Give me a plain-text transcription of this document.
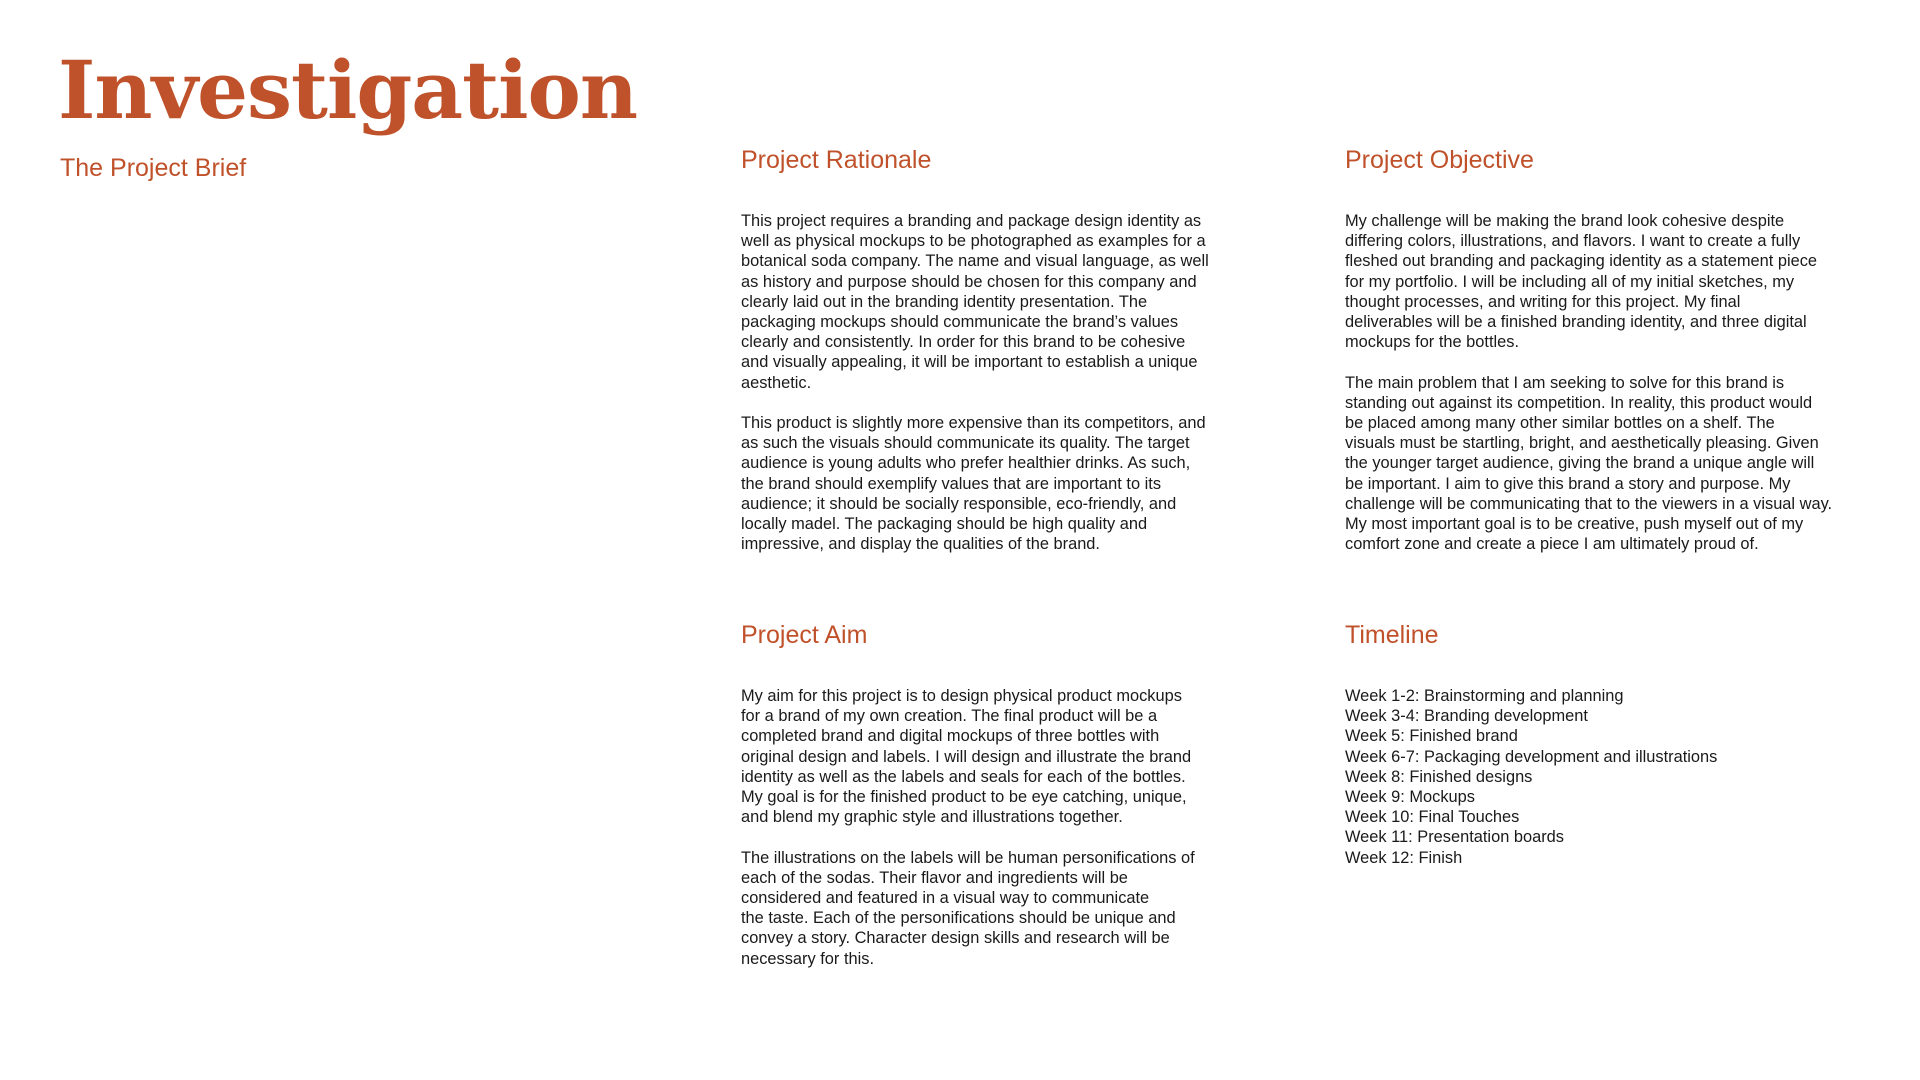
Investigation
The Project Brief	Project Rationale

This project requires a branding and package design identity as
well as physical mockups to be photographed as examples for a
botanical soda company. The name and visual language, as well
as history and purpose should be chosen for this company and
clearly laid out in the branding identity presentation. The
packaging mockups should communicate the brand’s values
clearly and consistently. In order for this brand to be cohesive
and visually appealing, it will be important to establish a unique
aesthetic.

This product is slightly more expensive than its competitors, and
as such the visuals should communicate its quality. The target
audience is young adults who prefer healthier drinks. As such,
the brand should exemplify values that are important to its
audience; it should be socially responsible, eco-friendly, and
locally madel. The packaging should be high quality and
impressive, and display the qualities of the brand.

Project Objective

My challenge will be making the brand look cohesive despite
differing colors, illustrations, and flavors. I want to create a fully
fleshed out branding and packaging identity as a statement piece
for my portfolio. I will be including all of my initial sketches, my
thought processes, and writing for this project. My final
deliverables will be a finished branding identity, and three digital
mockups for the bottles.

The main problem that I am seeking to solve for this brand is
standing out against its competition. In reality, this product would
be placed among many other similar bottles on a shelf. The
visuals must be startling, bright, and aesthetically pleasing. Given
the younger target audience, giving the brand a unique angle will
be important. I aim to give this brand a story and purpose. My
challenge will be communicating that to the viewers in a visual way.
My most important goal is to be creative, push myself out of my
comfort zone and create a piece I am ultimately proud of.

Project Aim

My aim for this project is to design physical product mockups
for a brand of my own creation. The final product will be a
completed brand and digital mockups of three bottles with
original design and labels. I will design and illustrate the brand
identity as well as the labels and seals for each of the bottles.
My goal is for the finished product to be eye catching, unique,
and blend my graphic style and illustrations together.

The illustrations on the labels will be human personifications of
each of the sodas. Their flavor and ingredients will be
considered and featured in a visual way to communicate
the taste. Each of the personifications should be unique and
convey a story. Character design skills and research will be
necessary for this.

Timeline
Week 1-2: Brainstorming and planning
Week 3-4: Branding development
Week 5: Finished brand
Week 6-7: Packaging development and illustrations
Week 8: Finished designs
Week 9: Mockups
Week 10: Final Touches
Week 11: Presentation boards
Week 12: Finish
